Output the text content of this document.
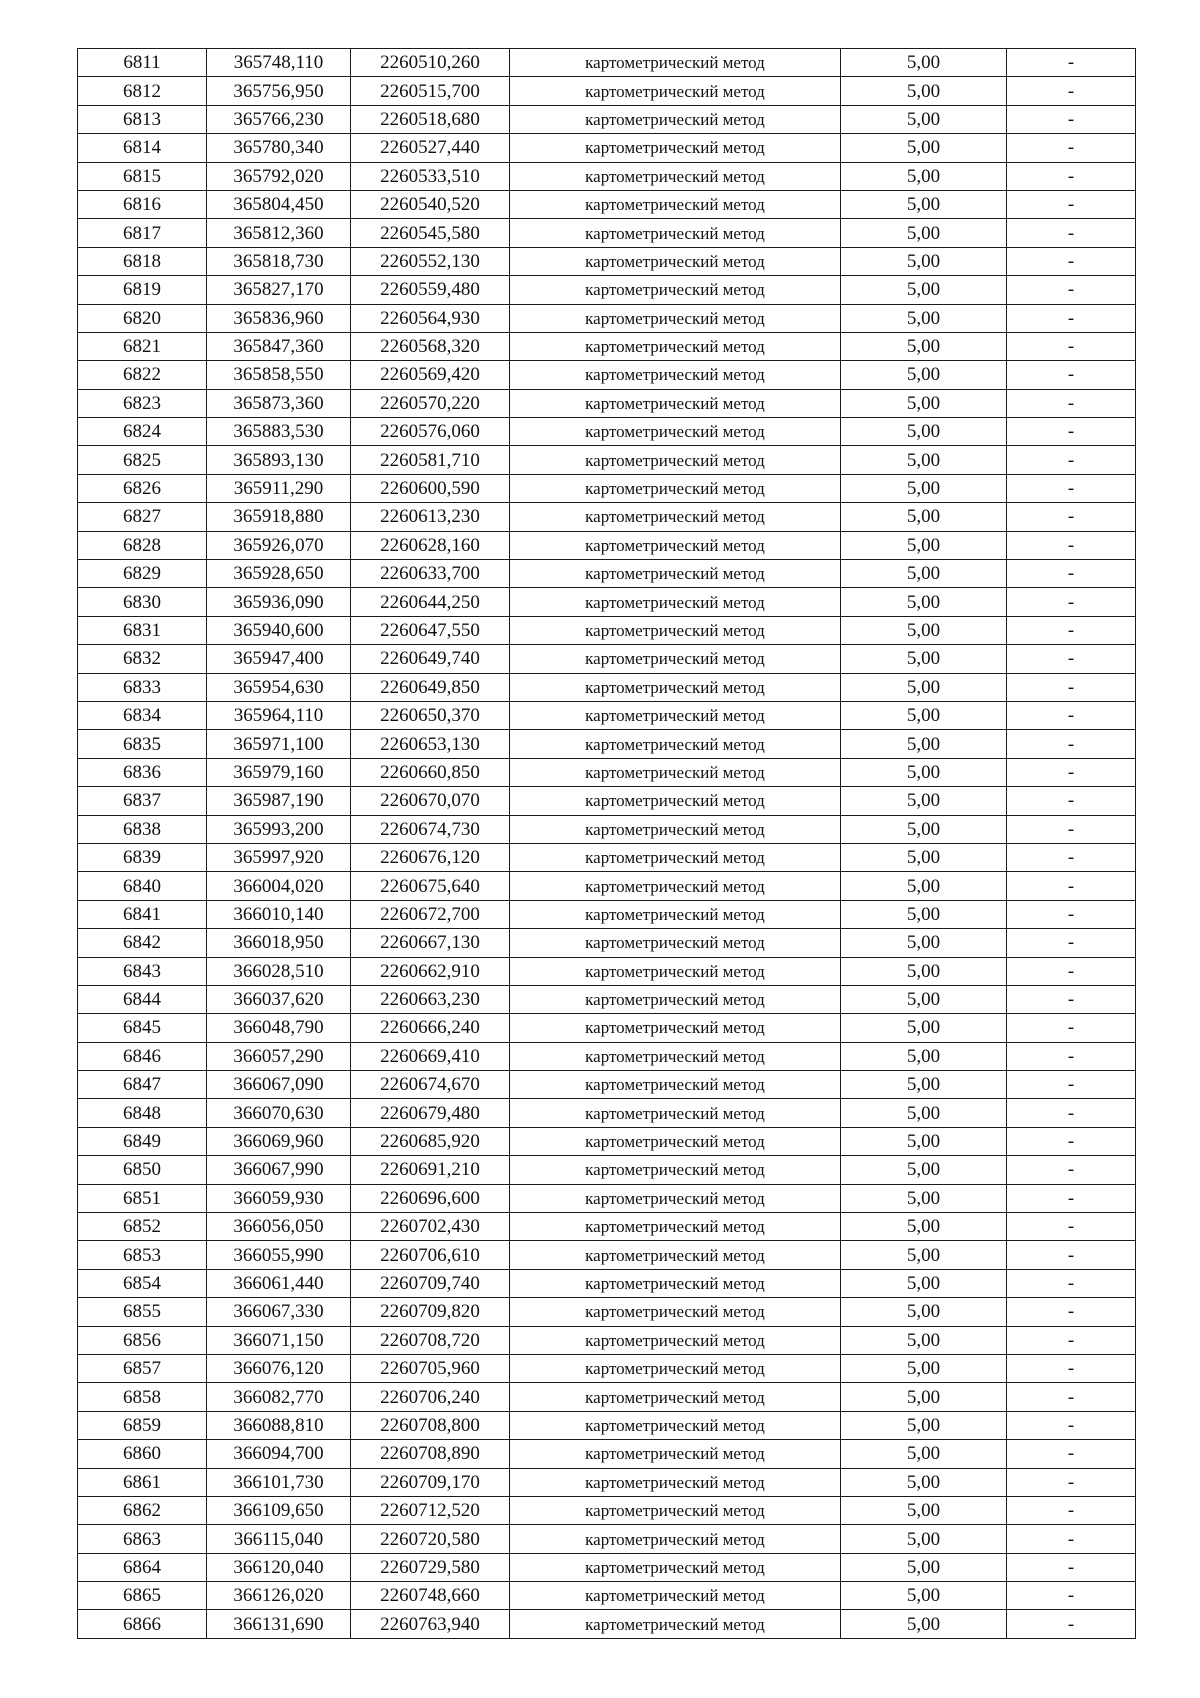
6811	365748,110	2260510,260	картометрический метод	5,00	-
6812	365756,950	2260515,700	картометрический метод	5,00	-
6813	365766,230	2260518,680	картометрический метод	5,00	-
6814	365780,340	2260527,440	картометрический метод	5,00	-
6815	365792,020	2260533,510	картометрический метод	5,00	-
6816	365804,450	2260540,520	картометрический метод	5,00	-
6817	365812,360	2260545,580	картометрический метод	5,00	-
6818	365818,730	2260552,130	картометрический метод	5,00	-
6819	365827,170	2260559,480	картометрический метод	5,00	-
6820	365836,960	2260564,930	картометрический метод	5,00	-
6821	365847,360	2260568,320	картометрический метод	5,00	-
6822	365858,550	2260569,420	картометрический метод	5,00	-
6823	365873,360	2260570,220	картометрический метод	5,00	-
6824	365883,530	2260576,060	картометрический метод	5,00	-
6825	365893,130	2260581,710	картометрический метод	5,00	-
6826	365911,290	2260600,590	картометрический метод	5,00	-
6827	365918,880	2260613,230	картометрический метод	5,00	-
6828	365926,070	2260628,160	картометрический метод	5,00	-
6829	365928,650	2260633,700	картометрический метод	5,00	-
6830	365936,090	2260644,250	картометрический метод	5,00	-
6831	365940,600	2260647,550	картометрический метод	5,00	-
6832	365947,400	2260649,740	картометрический метод	5,00	-
6833	365954,630	2260649,850	картометрический метод	5,00	-
6834	365964,110	2260650,370	картометрический метод	5,00	-
6835	365971,100	2260653,130	картометрический метод	5,00	-
6836	365979,160	2260660,850	картометрический метод	5,00	-
6837	365987,190	2260670,070	картометрический метод	5,00	-
6838	365993,200	2260674,730	картометрический метод	5,00	-
6839	365997,920	2260676,120	картометрический метод	5,00	-
6840	366004,020	2260675,640	картометрический метод	5,00	-
6841	366010,140	2260672,700	картометрический метод	5,00	-
6842	366018,950	2260667,130	картометрический метод	5,00	-
6843	366028,510	2260662,910	картометрический метод	5,00	-
6844	366037,620	2260663,230	картометрический метод	5,00	-
6845	366048,790	2260666,240	картометрический метод	5,00	-
6846	366057,290	2260669,410	картометрический метод	5,00	-
6847	366067,090	2260674,670	картометрический метод	5,00	-
6848	366070,630	2260679,480	картометрический метод	5,00	-
6849	366069,960	2260685,920	картометрический метод	5,00	-
6850	366067,990	2260691,210	картометрический метод	5,00	-
6851	366059,930	2260696,600	картометрический метод	5,00	-
6852	366056,050	2260702,430	картометрический метод	5,00	-
6853	366055,990	2260706,610	картометрический метод	5,00	-
6854	366061,440	2260709,740	картометрический метод	5,00	-
6855	366067,330	2260709,820	картометрический метод	5,00	-
6856	366071,150	2260708,720	картометрический метод	5,00	-
6857	366076,120	2260705,960	картометрический метод	5,00	-
6858	366082,770	2260706,240	картометрический метод	5,00	-
6859	366088,810	2260708,800	картометрический метод	5,00	-
6860	366094,700	2260708,890	картометрический метод	5,00	-
6861	366101,730	2260709,170	картометрический метод	5,00	-
6862	366109,650	2260712,520	картометрический метод	5,00	-
6863	366115,040	2260720,580	картометрический метод	5,00	-
6864	366120,040	2260729,580	картометрический метод	5,00	-
6865	366126,020	2260748,660	картометрический метод	5,00	-
6866	366131,690	2260763,940	картометрический метод	5,00	-
